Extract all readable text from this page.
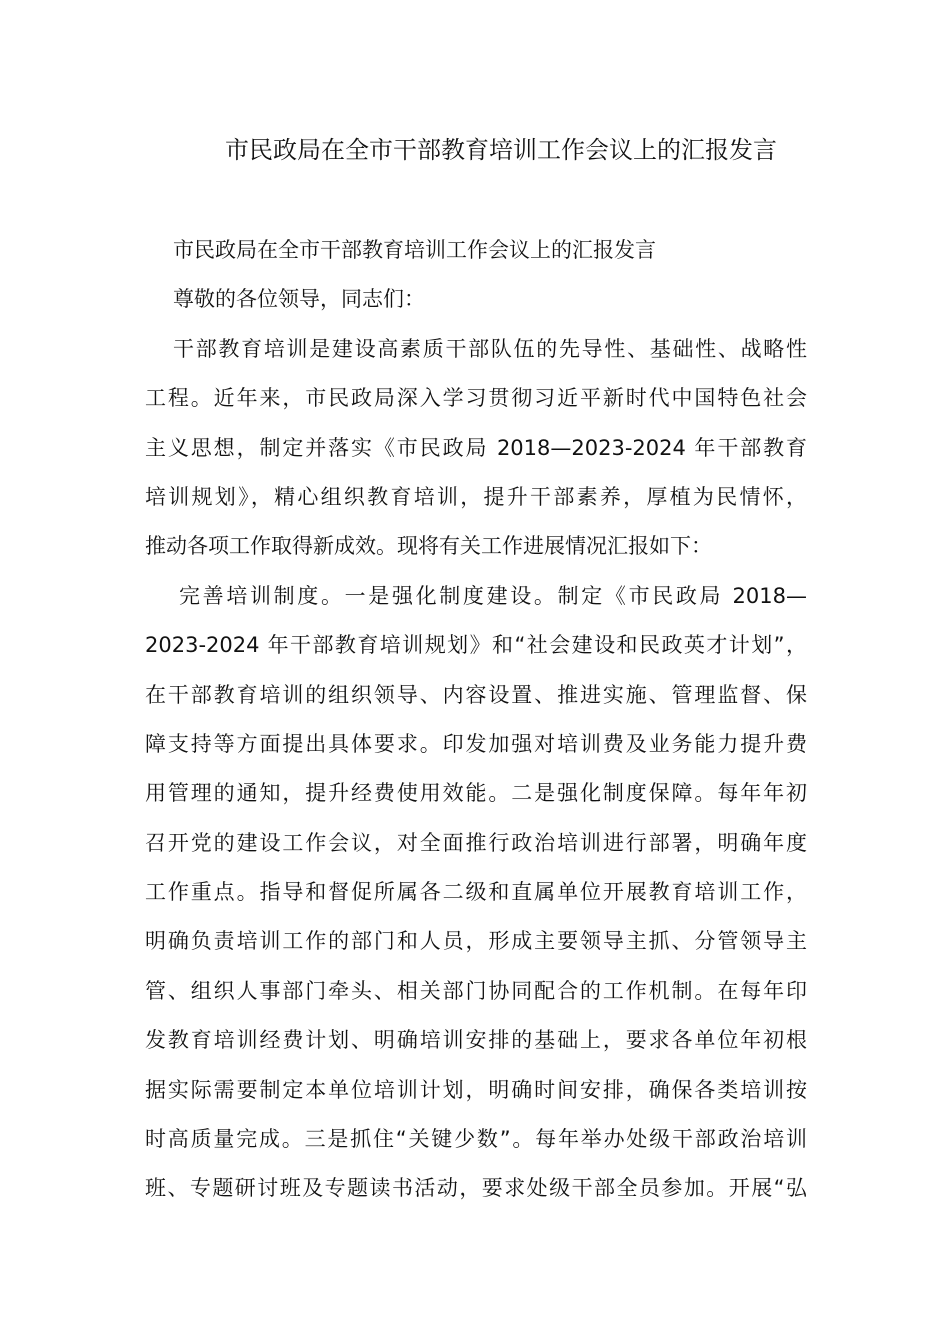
市民政局在全市干部教育培训工作会议上的汇报发言
市民政局在全市干部教育培训工作会议上的汇报发言
尊敬的各位领导，同志们：
干部教育培训是建设高素质干部队伍的先导性、基础性、战略性
工程。近年来，市民政局深入学习贯彻习近平新时代中国特色社会
主义思想，制定并落实《市民政局 2018—2023-2024 年干部教育
培训规划》，精心组织教育培训，提升干部素养，厚植为民情怀，
推动各项工作取得新成效。现将有关工作进展情况汇报如下：
完善培训制度。一是强化制度建设。制定《市民政局 2018—
2023-2024 年干部教育培训规划》和“社会建设和民政英才计划”，
在干部教育培训的组织领导、内容设置、推进实施、管理监督、保
障支持等方面提出具体要求。印发加强对培训费及业务能力提升费
用管理的通知，提升经费使用效能。二是强化制度保障。每年年初
召开党的建设工作会议，对全面推行政治培训进行部署，明确年度
工作重点。指导和督促所属各二级和直属单位开展教育培训工作，
明确负责培训工作的部门和人员，形成主要领导主抓、分管领导主
管、组织人事部门牵头、相关部门协同配合的工作机制。在每年印
发教育培训经费计划、明确培训安排的基础上，要求各单位年初根
据实际需要制定本单位培训计划，明确时间安排，确保各类培训按
时高质量完成。三是抓住“关键少数”。每年举办处级干部政治培训
班、专题研讨班及专题读书活动，要求处级干部全员参加。开展“弘
